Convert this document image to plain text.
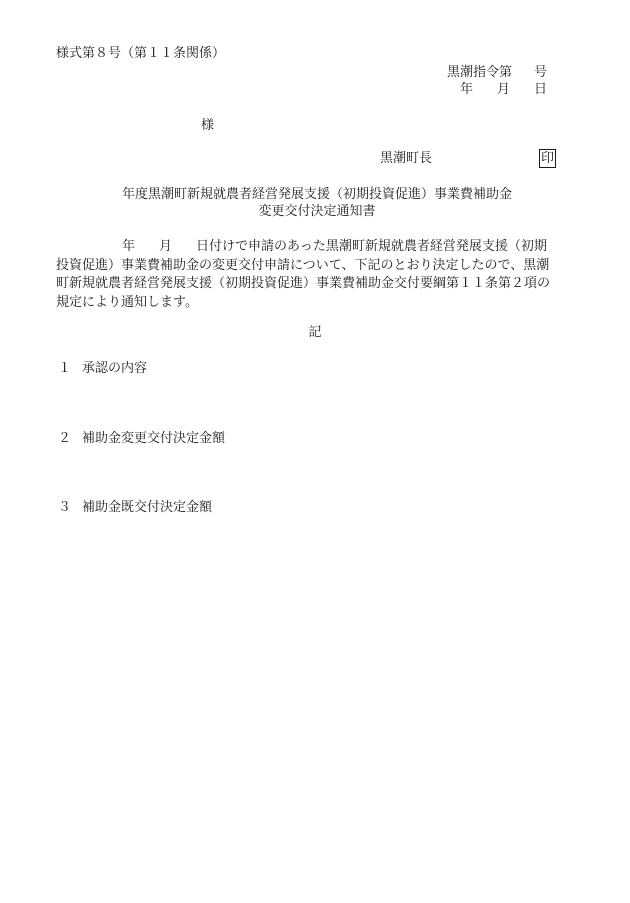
様式第８号（第１１条関係）
黒潮指令第 号
年 月 日
様
黒潮町長	印
年度黒潮町新規就農者経営発展支援（初期投資促進）事業費補助金
変更交付決定通知書
年 月 日付けで申請のあった黒潮町新規就農者経営発展支援（初期
投資促進）事業費補助金の変更交付申請について、下記のとおり決定したので、黒潮
町新規就農者経営発展支援（初期投資促進）事業費補助金交付要綱第１１条第２項の
規定により通知します。
記
１ 承認の内容
２ 補助金変更交付決定金額
３ 補助金既交付決定金額
